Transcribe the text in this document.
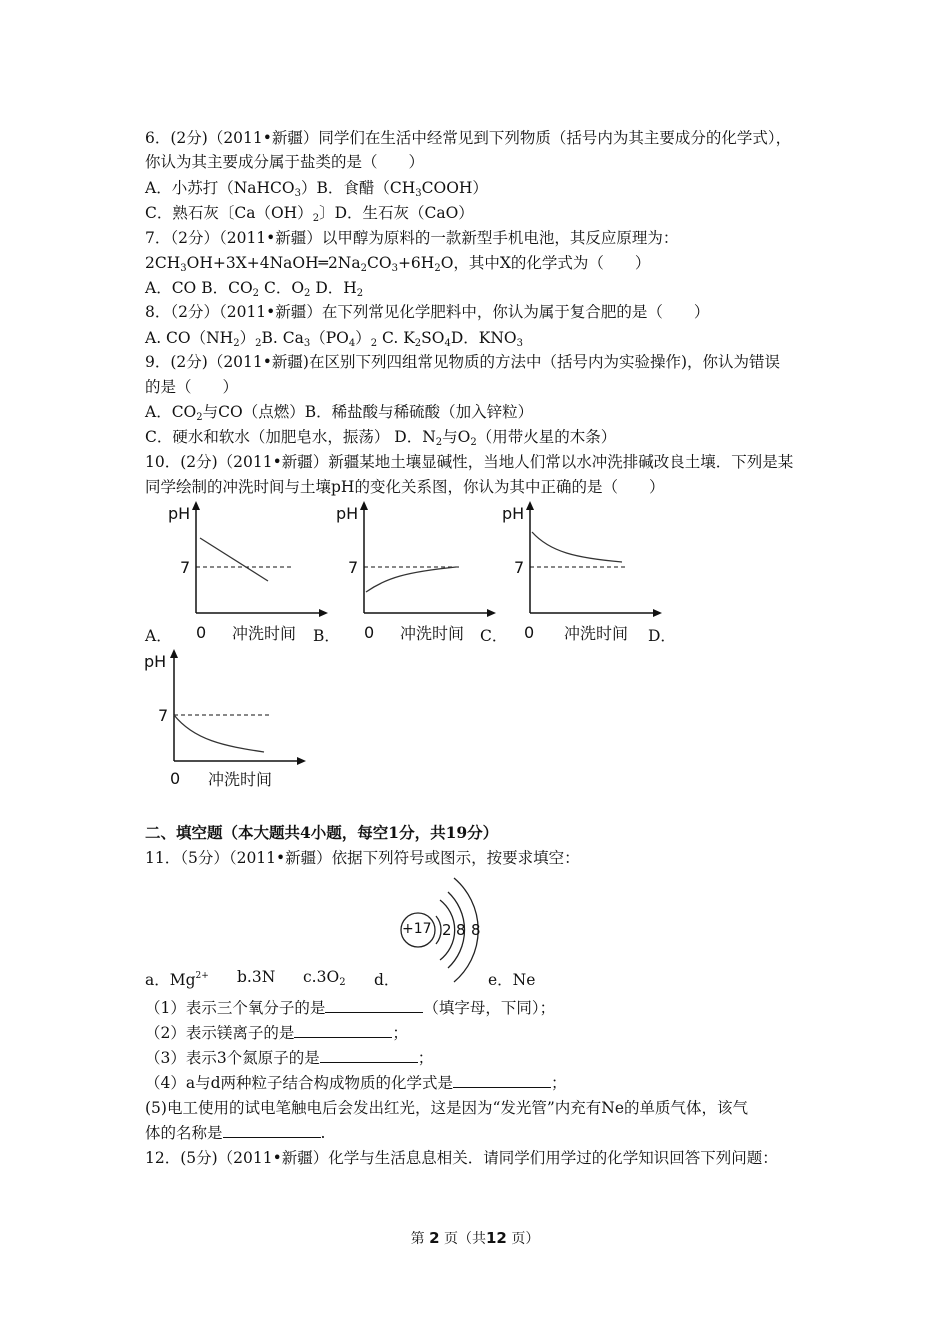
6．(2分)（2011•新疆）同学们在生活中经常见到下列物质（括号内为其主要成分的化学式），
你认为其主要成分属于盐类的是（　　）
A．小苏打（NaHCO3）B．食醋（CH3COOH）
C．熟石灰〔Ca（OH）2〕D．生石灰（CaO）
7．（2分）（2011•新疆）以甲醇为原料的一款新型手机电池，其反应原理为：
2CH3OH+3X+4NaOH═2Na2CO3+6H2O，其中X的化学式为（　　）
A．CO B．CO2 C．O2 D．H2
8．（2分）（2011•新疆）在下列常见化学肥料中，你认为属于复合肥的是（　　）
A. CO（NH2）2B. Ca3（PO4）2 C. K2SO4D．KNO3
9．(2分)（2011•新疆)在区别下列四组常见物质的方法中（括号内为实验操作)，你认为错误
的是（　　）
A．CO2与CO（点燃）B．稀盐酸与稀硫酸（加入锌粒）
C．硬水和软水（加肥皂水，振荡） D．N2与O2（用带火星的木条）
10．(2分)（2011•新疆）新疆某地土壤显碱性，当地人们常以水冲洗排碱改良土壤．下列是某
同学绘制的冲洗时间与土壤pH的变化关系图，你认为其中正确的是（　　）
pH
7
0 冲洗时间
A．
pH
7
0 冲洗时间
B．
pH
7
0 冲洗时间
C．	D．
pH
7
0 冲洗时间
二、填空题（本大题共4小题，每空1分，共19分）
11．（5分）（2011•新疆）依据下列符号或图示，按要求填空：
+17 2 8 8
a．$Mg^{2+}$ b.3N c.3O2 d．	e．Ne
（1）表示三个氧分子的是	（填字母，下同）；
（2）表示镁离子的是	；
（3）表示3个氮原子的是	；
（4）a与d两种粒子结合构成物质的化学式是	；
(5)电工使用的试电笔触电后会发出红光，这是因为“发光管”内充有Ne的单质气体，该气
体的名称是	.
12．(5分)（2011•新疆）化学与生活息息相关．请同学们用学过的化学知识回答下列问题：
第 2 页（共12 页）
